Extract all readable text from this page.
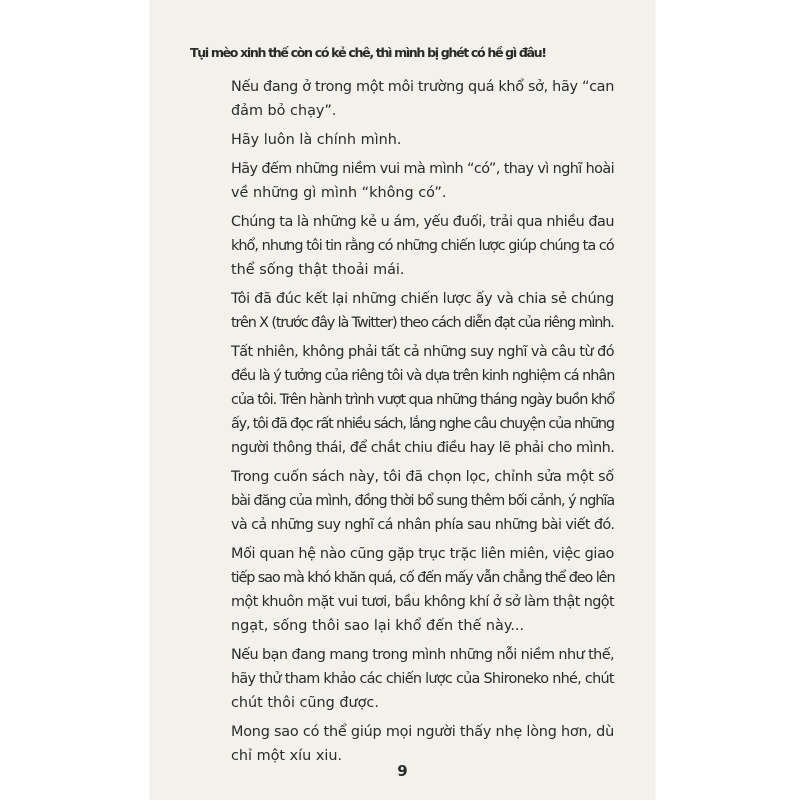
Tụi mèo xinh thế còn có kẻ chê, thì mình bị ghét có hề gì đâu!

Nếu đang ở trong một môi trường quá khổ sở, hãy “can
đảm bỏ chạy”.

Hãy luôn là chính mình.

Hãy đếm những niềm vui mà mình “có”, thay vì nghĩ hoài
về những gì mình “không có”.

Chúng ta là những kẻ u ám, yếu đuối, trải qua nhiều đau
khổ, nhưng tôi tin rằng có những chiến lược giúp chúng ta có
thể sống thật thoải mái.

Tôi đã đúc kết lại những chiến lược ấy và chia sẻ chúng
trên X (trước đây là Twitter) theo cách diễn đạt của riêng mình.

Tất nhiên, không phải tất cả những suy nghĩ và câu từ đó
đều là ý tưởng của riêng tôi và dựa trên kinh nghiệm cá nhân
của tôi. Trên hành trình vượt qua những tháng ngày buồn khổ
ấy, tôi đã đọc rất nhiều sách, lắng nghe câu chuyện của những
người thông thái, để chắt chiu điều hay lẽ phải cho mình.

Trong cuốn sách này, tôi đã chọn lọc, chỉnh sửa một số
bài đăng của mình, đồng thời bổ sung thêm bối cảnh, ý nghĩa
và cả những suy nghĩ cá nhân phía sau những bài viết đó.

Mối quan hệ nào cũng gặp trục trặc liên miên, việc giao
tiếp sao mà khó khăn quá, cố đến mấy vẫn chẳng thể đeo lên
một khuôn mặt vui tươi, bầu không khí ở sở làm thật ngột
ngạt, sống thôi sao lại khổ đến thế này...

Nếu bạn đang mang trong mình những nỗi niềm như thế,
hãy thử tham khảo các chiến lược của Shironeko nhé, chút
chút thôi cũng được.

Mong sao có thể giúp mọi người thấy nhẹ lòng hơn, dù
chỉ một xíu xiu.

9
